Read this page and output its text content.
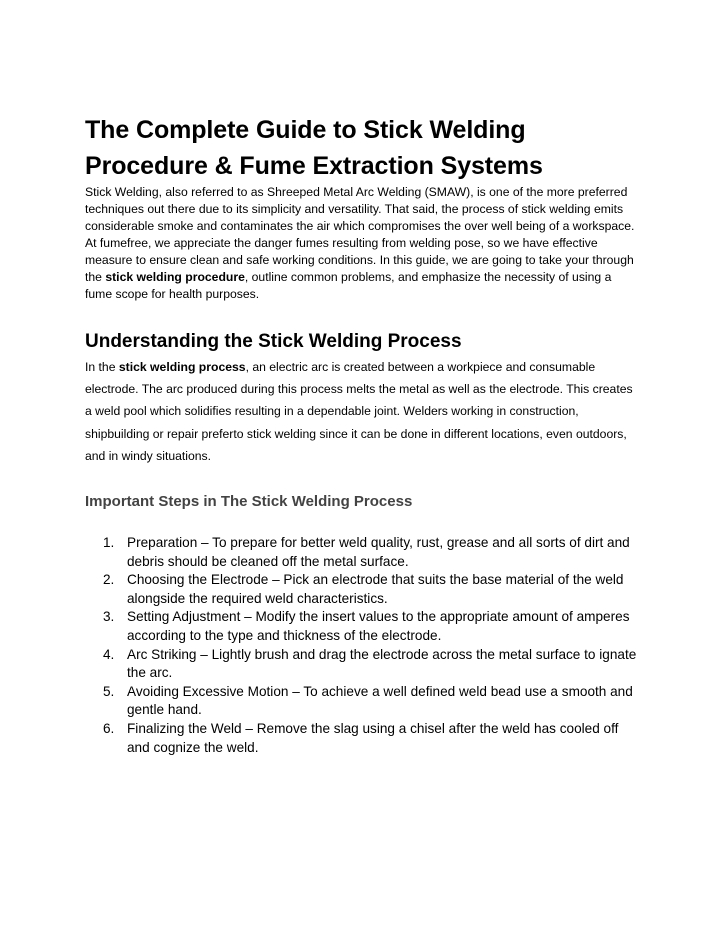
The Complete Guide to Stick Welding Procedure & Fume Extraction Systems

Stick Welding, also referred to as Shreeped Metal Arc Welding (SMAW), is one of the more preferred techniques out there due to its simplicity and versatility. That said, the process of stick welding emits considerable smoke and contaminates the air which compromises the over well being of a workspace.

At fumefree, we appreciate the danger fumes resulting from welding pose, so we have effective measure to ensure clean and safe working conditions. In this guide, we are going to take your through the stick welding procedure, outline common problems, and emphasize the necessity of using a fume scope for health purposes.

Understanding the Stick Welding Process

In the stick welding process, an electric arc is created between a workpiece and consumable electrode. The arc produced during this process melts the metal as well as the electrode. This creates a weld pool which solidifies resulting in a dependable joint. Welders working in construction, shipbuilding or repair preferto stick welding since it can be done in different locations, even outdoors, and in windy situations.

Important Steps in The Stick Welding Process
1. Preparation – To prepare for better weld quality, rust, grease and all sorts of dirt and debris should be cleaned off the metal surface.
2. Choosing the Electrode – Pick an electrode that suits the base material of the weld alongside the required weld characteristics.
3. Setting Adjustment – Modify the insert values to the appropriate amount of amperes according to the type and thickness of the electrode.
4. Arc Striking – Lightly brush and drag the electrode across the metal surface to ignate the arc.
5. Avoiding Excessive Motion – To achieve a well defined weld bead use a smooth and gentle hand.
6. Finalizing the Weld – Remove the slag using a chisel after the weld has cooled off and cognize the weld.
